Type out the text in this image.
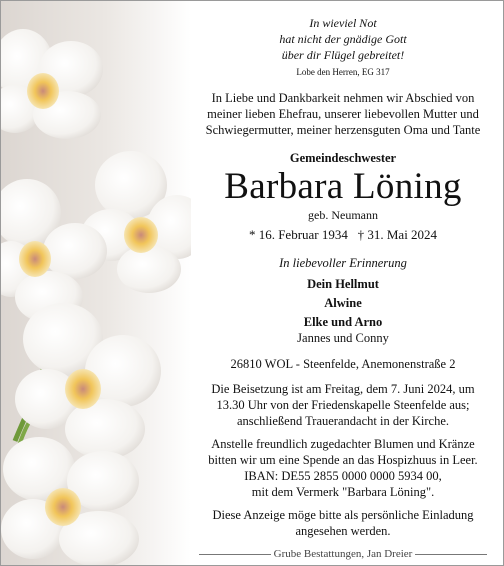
In wieviel Not
hat nicht der gnädige Gott
über dir Flügel gebreitet!
Lobe den Herren, EG 317
In Liebe und Dankbarkeit nehmen wir Abschied von
meiner lieben Ehefrau, unserer liebevollen Mutter und
Schwiegermutter, meiner herzensguten Oma und Tante
Gemeindeschwester
Barbara Löning
geb. Neumann
* 16. Februar 1934   † 31. Mai 2024
In liebevoller Erinnerung
Dein Hellmut
Alwine
Elke und Arno
Jannes und Conny
26810 WOL - Steenfelde, Anemonenstraße 2
Die Beisetzung ist am Freitag, dem 7. Juni 2024, um
13.30 Uhr von der Friedenskapelle Steenfelde aus;
anschließend Trauerandacht in der Kirche.
Anstelle freundlich zugedachter Blumen und Kränze
bitten wir um eine Spende an das Hospizhuus in Leer.
IBAN: DE55 2855 0000 0000 5934 00,
mit dem Vermerk "Barbara Löning".
Diese Anzeige möge bitte als persönliche Einladung
angesehen werden.
Grube Bestattungen, Jan Dreier
